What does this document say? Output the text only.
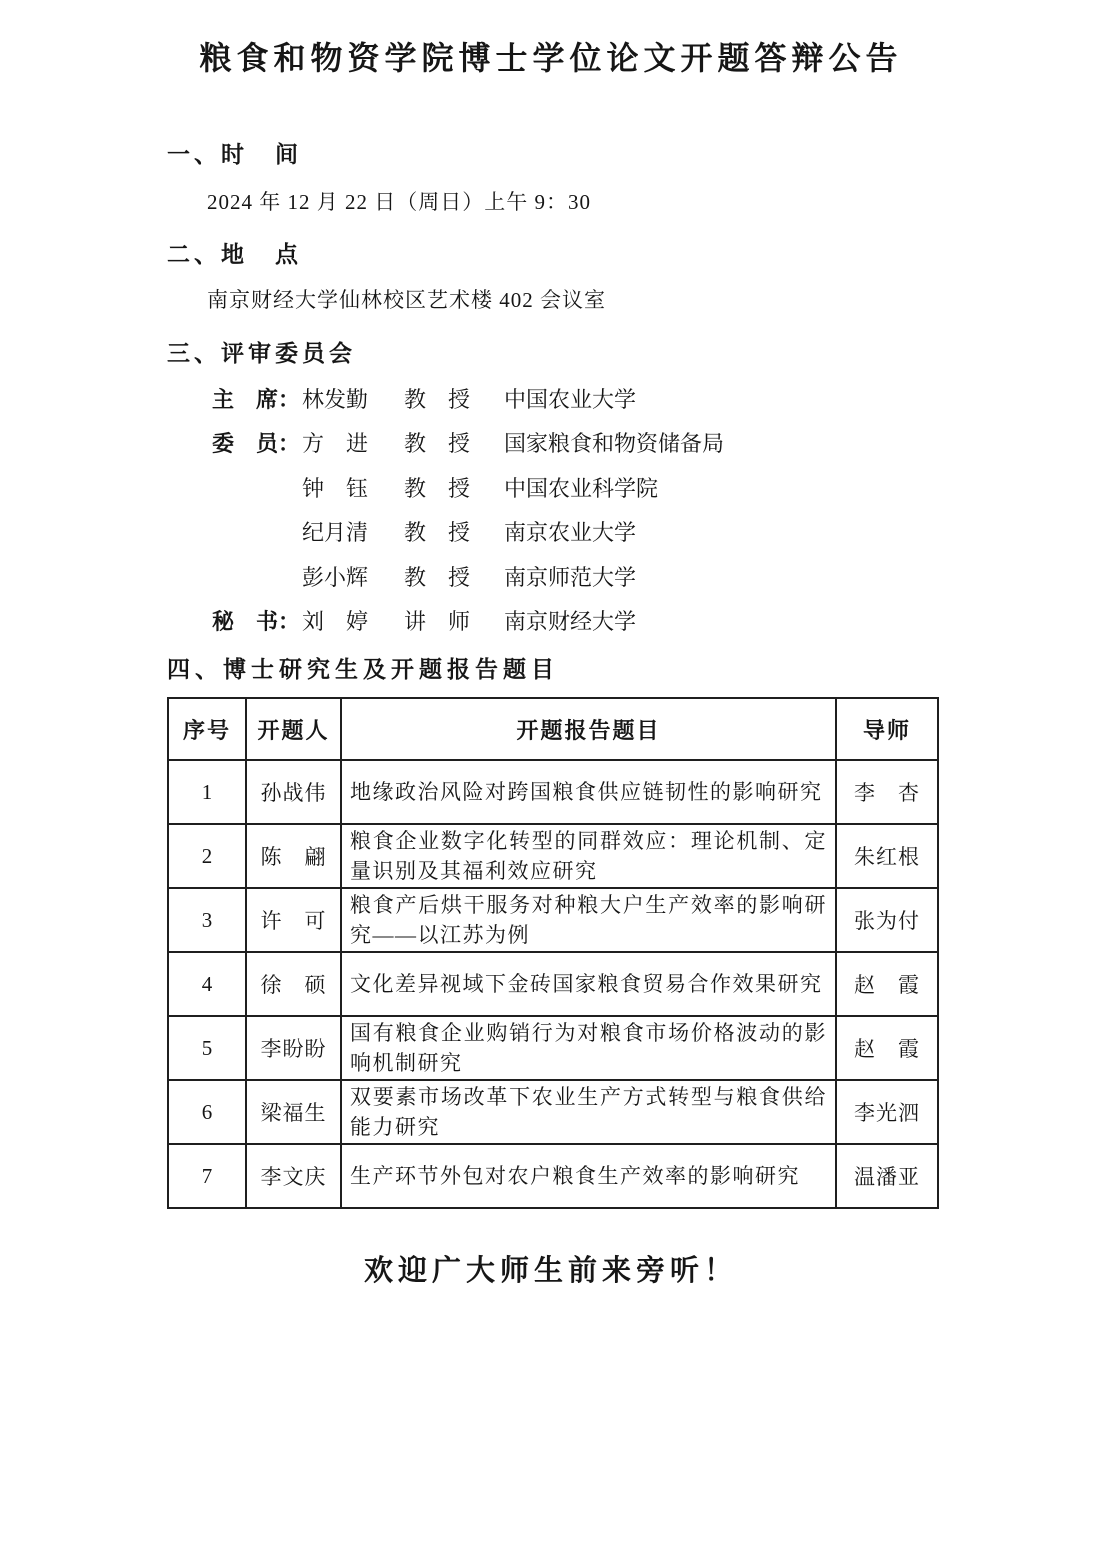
粮食和物资学院博士学位论文开题答辩公告
一、时　间
2024 年 12 月 22 日（周日）上午 9：30
二、地　点
南京财经大学仙林校区艺术楼 402 会议室
三、评审委员会
主　席： 林发勤	教　授	中国农业大学
委　员： 方　进	教　授	国家粮食和物资储备局
钟　钰	教　授	中国农业科学院
纪月清	教　授	南京农业大学
彭小辉	教　授	南京师范大学
秘　书： 刘　婷	讲　师	南京财经大学
四、博士研究生及开题报告题目
序号	开题人	开题报告题目	导师
1	孙战伟	地缘政治风险对跨国粮食供应链韧性的影响研究	李　杏
2	陈　翩	粮食企业数字化转型的同群效应：理论机制、定量识别及其福利效应研究	朱红根
3	许　可	粮食产后烘干服务对种粮大户生产效率的影响研究——以江苏为例	张为付
4	徐　硕	文化差异视域下金砖国家粮食贸易合作效果研究	赵　霞
5	李盼盼	国有粮食企业购销行为对粮食市场价格波动的影响机制研究	赵　霞
6	梁福生	双要素市场改革下农业生产方式转型与粮食供给能力研究	李光泗
7	李文庆	生产环节外包对农户粮食生产效率的影响研究	温潘亚
欢迎广大师生前来旁听！
